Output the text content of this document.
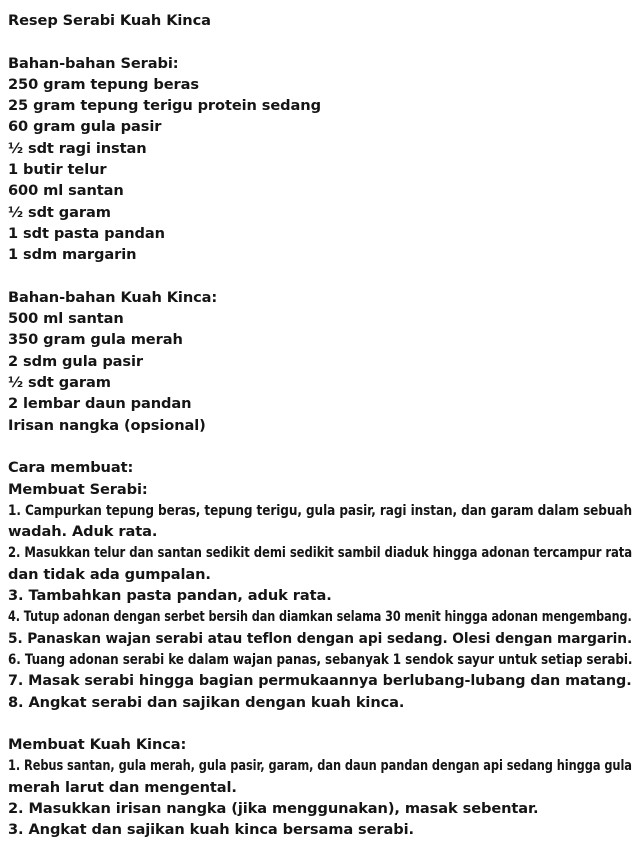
Resep Serabi Kuah Kinca

Bahan-bahan Serabi:

250 gram tepung beras

25 gram tepung terigu protein sedang

60 gram gula pasir

½ sdt ragi instan

1 butir telur

600 ml santan

½ sdt garam

1 sdt pasta pandan

1 sdm margarin

Bahan-bahan Kuah Kinca:

500 ml santan

350 gram gula merah

2 sdm gula pasir

½ sdt garam

2 lembar daun pandan

Irisan nangka (opsional)

Cara membuat:

Membuat Serabi:

1. Campurkan tepung beras, tepung terigu, gula pasir, ragi instan, dan garam dalam sebuah

wadah. Aduk rata.

2. Masukkan telur dan santan sedikit demi sedikit sambil diaduk hingga adonan tercampur rata

dan tidak ada gumpalan.

3. Tambahkan pasta pandan, aduk rata.

4. Tutup adonan dengan serbet bersih dan diamkan selama 30 menit hingga adonan mengembang.

5. Panaskan wajan serabi atau teflon dengan api sedang. Olesi dengan margarin.

6. Tuang adonan serabi ke dalam wajan panas, sebanyak 1 sendok sayur untuk setiap serabi.

7. Masak serabi hingga bagian permukaannya berlubang-lubang dan matang.

8. Angkat serabi dan sajikan dengan kuah kinca.

Membuat Kuah Kinca:

1. Rebus santan, gula merah, gula pasir, garam, dan daun pandan dengan api sedang hingga gula

merah larut dan mengental.

2. Masukkan irisan nangka (jika menggunakan), masak sebentar.

3. Angkat dan sajikan kuah kinca bersama serabi.
